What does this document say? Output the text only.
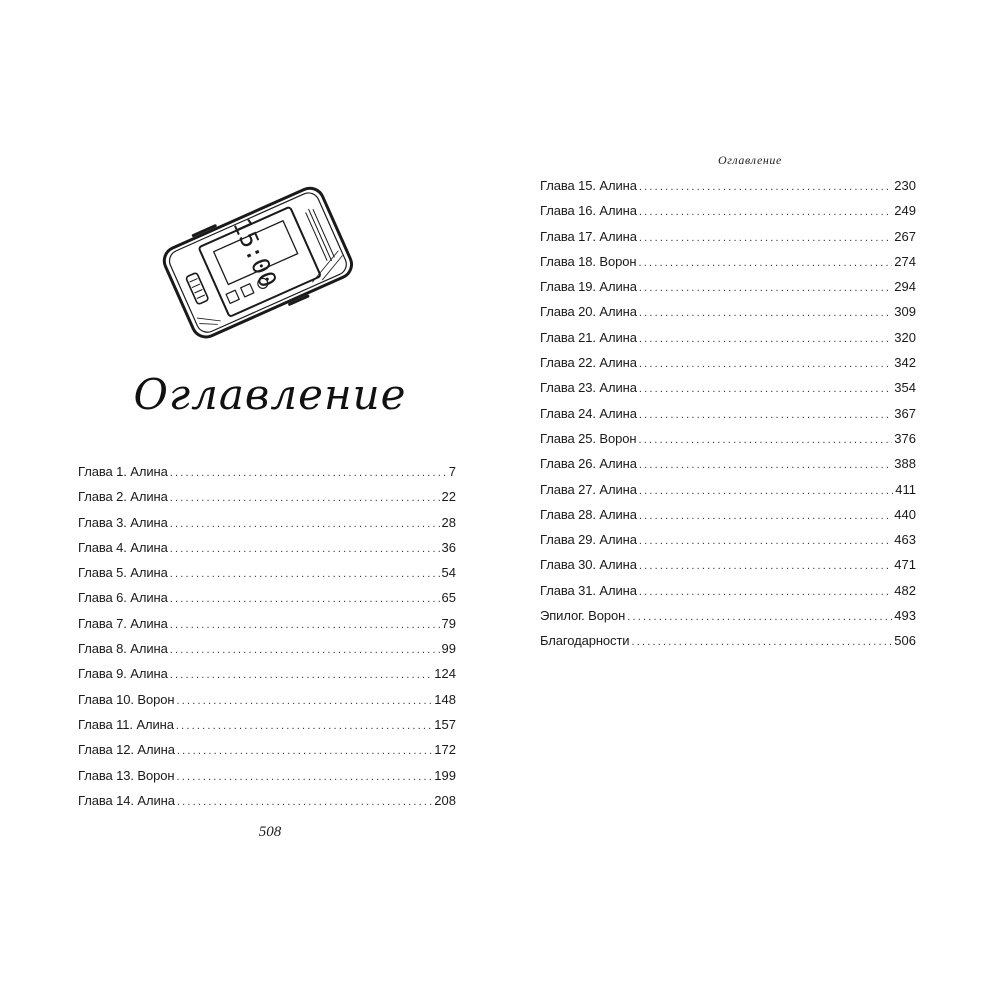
15:00
Оглавление
Глава 1. Алина .....	7
Глава 2. Алина .....	22
Глава 3. Алина .....	28
Глава 4. Алина .....	36
Глава 5. Алина .....	54
Глава 6. Алина .....	65
Глава 7. Алина .....	79
Глава 8. Алина .....	99
Глава 9. Алина .....	124
Глава 10. Ворон .....	148
Глава 11. Алина .....	157
Глава 12. Алина .....	172
Глава 13. Ворон .....	199
Глава 14. Алина .....	208
508
Оглавление
Глава 15. Алина .....	230
Глава 16. Алина .....	249
Глава 17. Алина .....	267
Глава 18. Ворон .....	274
Глава 19. Алина .....	294
Глава 20. Алина .....	309
Глава 21. Алина .....	320
Глава 22. Алина .....	342
Глава 23. Алина .....	354
Глава 24. Алина .....	367
Глава 25. Ворон .....	376
Глава 26. Алина .....	388
Глава 27. Алина .....	411
Глава 28. Алина .....	440
Глава 29. Алина .....	463
Глава 30. Алина .....	471
Глава 31. Алина .....	482
Эпилог. Ворон .....	493
Благодарности .....	506
